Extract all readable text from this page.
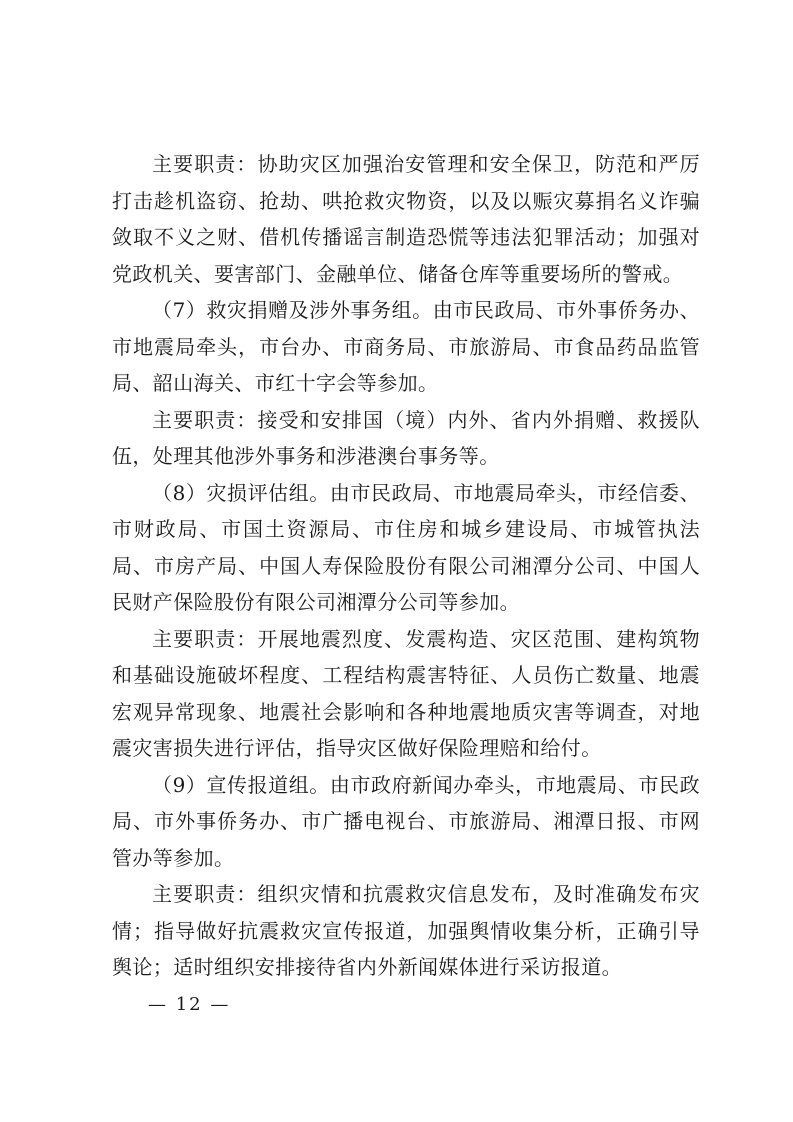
主要职责：协助灾区加强治安管理和安全保卫，防范和严厉打击趁机盗窃、抢劫、哄抢救灾物资，以及以赈灾募捐名义诈骗敛取不义之财、借机传播谣言制造恐慌等违法犯罪活动；加强对党政机关、要害部门、金融单位、储备仓库等重要场所的警戒。

（7）救灾捐赠及涉外事务组。由市民政局、市外事侨务办、市地震局牵头，市台办、市商务局、市旅游局、市食品药品监管局、韶山海关、市红十字会等参加。

主要职责：接受和安排国（境）内外、省内外捐赠、救援队伍，处理其他涉外事务和涉港澳台事务等。

（8）灾损评估组。由市民政局、市地震局牵头，市经信委、市财政局、市国土资源局、市住房和城乡建设局、市城管执法局、市房产局、中国人寿保险股份有限公司湘潭分公司、中国人民财产保险股份有限公司湘潭分公司等参加。

主要职责：开展地震烈度、发震构造、灾区范围、建构筑物和基础设施破坏程度、工程结构震害特征、人员伤亡数量、地震宏观异常现象、地震社会影响和各种地震地质灾害等调查，对地震灾害损失进行评估，指导灾区做好保险理赔和给付。

（9）宣传报道组。由市政府新闻办牵头，市地震局、市民政局、市外事侨务办、市广播电视台、市旅游局、湘潭日报、市网管办等参加。

主要职责：组织灾情和抗震救灾信息发布，及时准确发布灾情；指导做好抗震救灾宣传报道，加强舆情收集分析，正确引导舆论；适时组织安排接待省内外新闻媒体进行采访报道。

— 12 —
